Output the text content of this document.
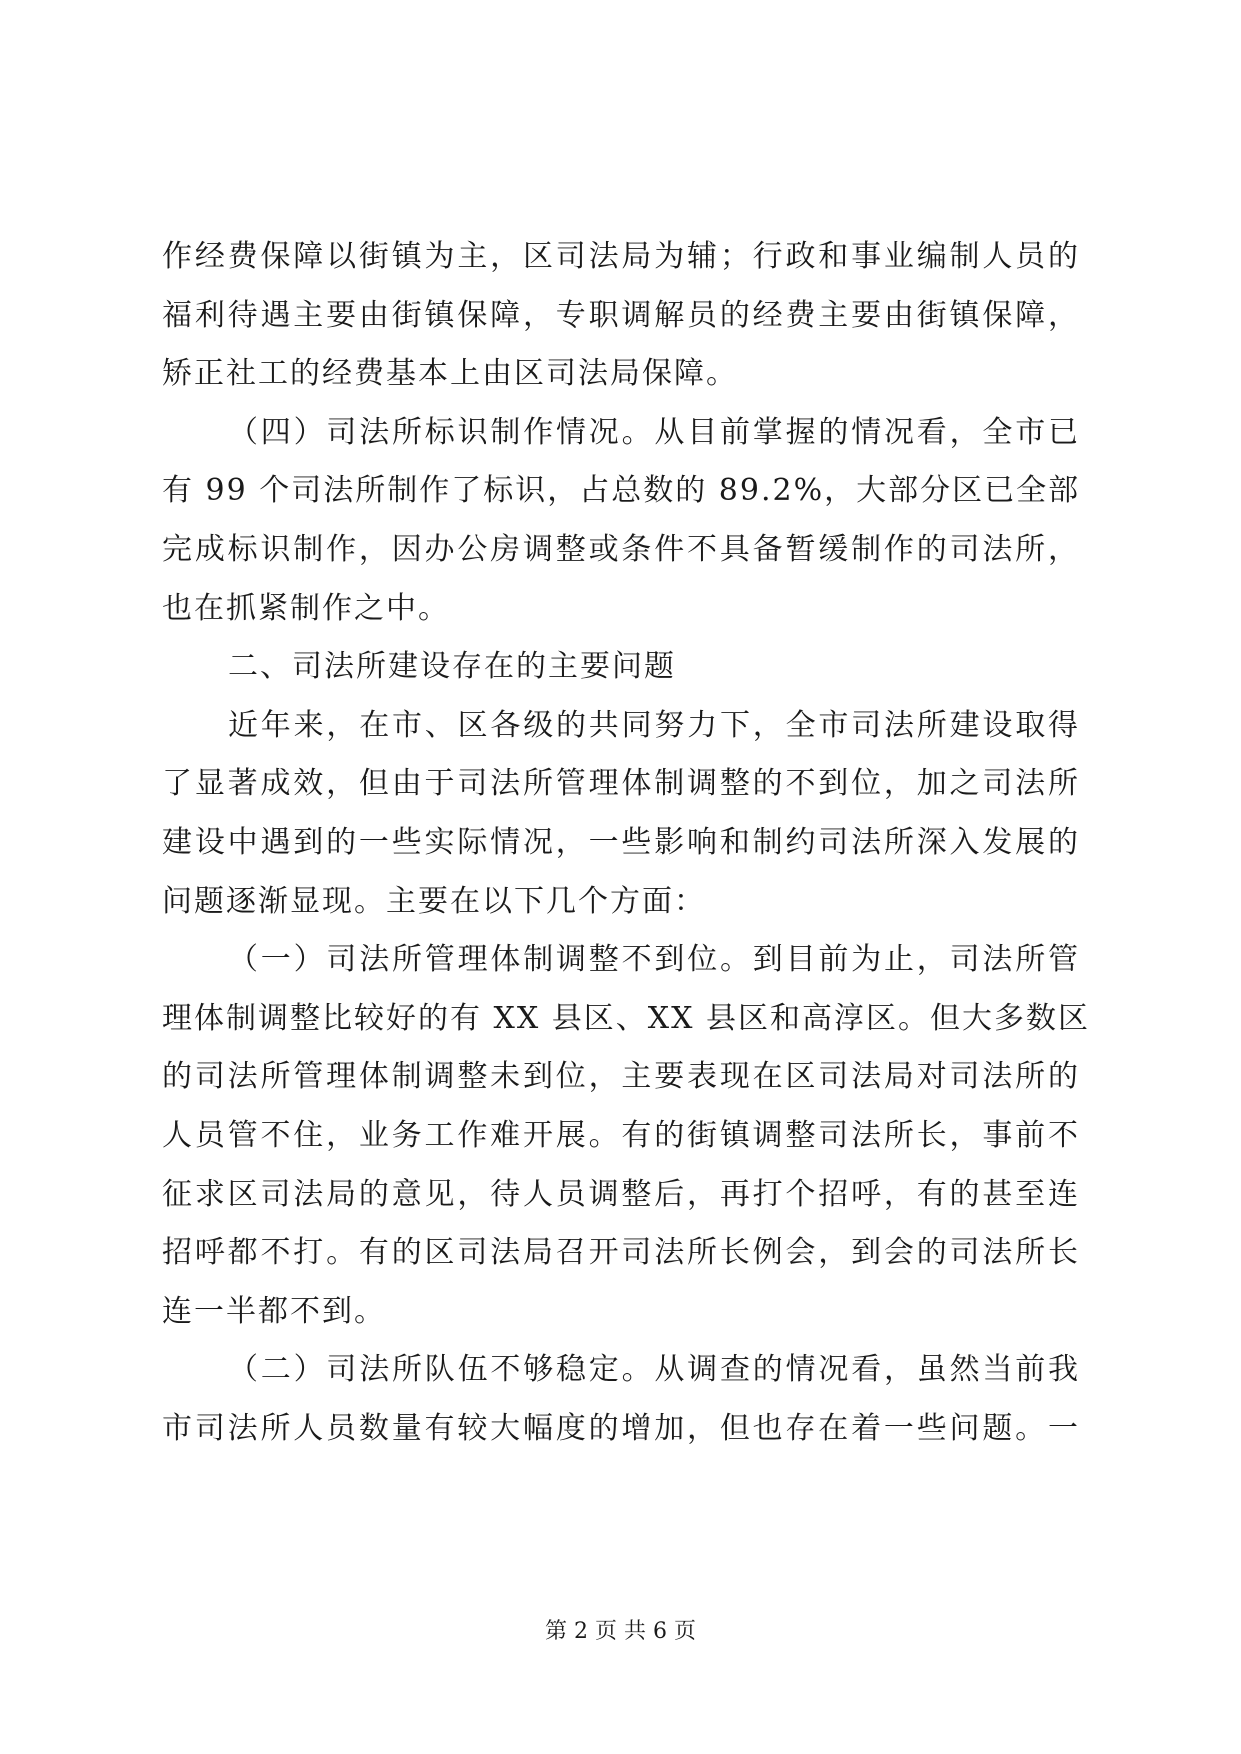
作经费保障以街镇为主，区司法局为辅；行政和事业编制人员的
福利待遇主要由街镇保障，专职调解员的经费主要由街镇保障，
矫正社工的经费基本上由区司法局保障。
（四）司法所标识制作情况。从目前掌握的情况看，全市已
有 99 个司法所制作了标识，占总数的 89.2%，大部分区已全部
完成标识制作，因办公房调整或条件不具备暂缓制作的司法所，
也在抓紧制作之中。
二、司法所建设存在的主要问题
近年来，在市、区各级的共同努力下，全市司法所建设取得
了显著成效，但由于司法所管理体制调整的不到位，加之司法所
建设中遇到的一些实际情况，一些影响和制约司法所深入发展的
问题逐渐显现。主要在以下几个方面：
（一）司法所管理体制调整不到位。到目前为止，司法所管
理体制调整比较好的有 XX 县区、XX 县区和高淳区。但大多数区
的司法所管理体制调整未到位，主要表现在区司法局对司法所的
人员管不住，业务工作难开展。有的街镇调整司法所长，事前不
征求区司法局的意见，待人员调整后，再打个招呼，有的甚至连
招呼都不打。有的区司法局召开司法所长例会，到会的司法所长
连一半都不到。
（二）司法所队伍不够稳定。从调查的情况看，虽然当前我
市司法所人员数量有较大幅度的增加，但也存在着一些问题。一
第 2 页 共 6 页
